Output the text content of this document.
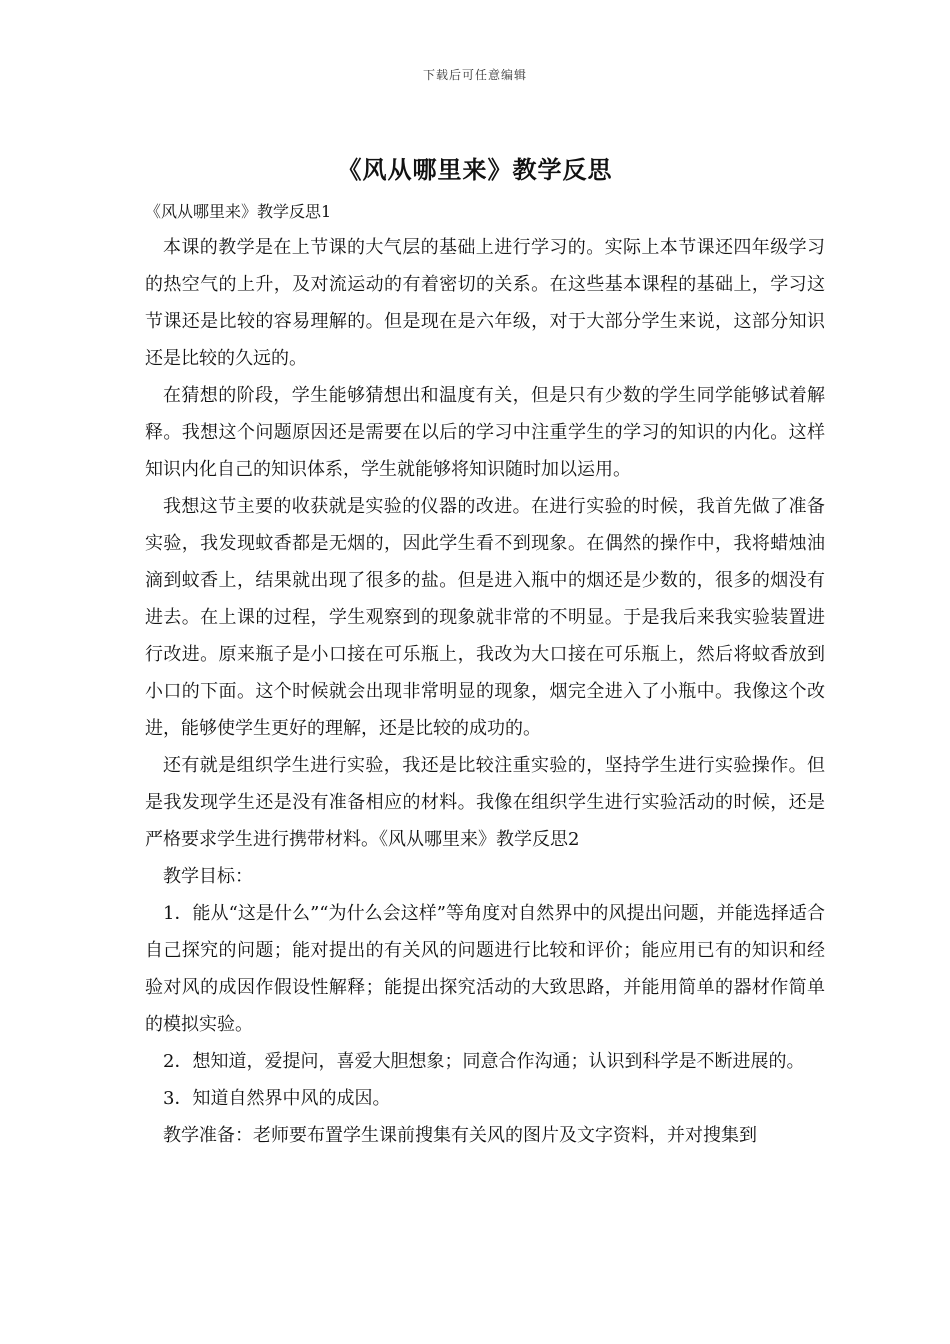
下载后可任意编辑
《风从哪里来》教学反思

《风从哪里来》教学反思1

本课的教学是在上节课的大气层的基础上进行学习的。实际上本节课还四年级学习的热空气的上升，及对流运动的有着密切的关系。在这些基本课程的基础上，学习这节课还是比较的容易理解的。但是现在是六年级，对于大部分学生来说，这部分知识还是比较的久远的。

在猜想的阶段，学生能够猜想出和温度有关，但是只有少数的学生同学能够试着解释。我想这个问题原因还是需要在以后的学习中注重学生的学习的知识的内化。这样知识内化自己的知识体系，学生就能够将知识随时加以运用。

我想这节主要的收获就是实验的仪器的改进。在进行实验的时候，我首先做了准备实验，我发现蚊香都是无烟的，因此学生看不到现象。在偶然的操作中，我将蜡烛油滴到蚊香上，结果就出现了很多的盐。但是进入瓶中的烟还是少数的，很多的烟没有进去。在上课的过程，学生观察到的现象就非常的不明显。于是我后来我实验装置进行改进。原来瓶子是小口接在可乐瓶上，我改为大口接在可乐瓶上，然后将蚊香放到小口的下面。这个时候就会出现非常明显的现象，烟完全进入了小瓶中。我像这个改进，能够使学生更好的理解，还是比较的成功的。

还有就是组织学生进行实验，我还是比较注重实验的，坚持学生进行实验操作。但是我发现学生还是没有准备相应的材料。我像在组织学生进行实验活动的时候，还是严格要求学生进行携带材料。《风从哪里来》教学反思2

教学目标：

1．能从“这是什么”“为什么会这样”等角度对自然界中的风提出问题，并能选择适合自己探究的问题；能对提出的有关风的问题进行比较和评价；能应用已有的知识和经验对风的成因作假设性解释；能提出探究活动的大致思路，并能用简单的器材作简单的模拟实验。

2．想知道，爱提问，喜爱大胆想象；同意合作沟通；认识到科学是不断进展的。

3．知道自然界中风的成因。

教学准备：老师要布置学生课前搜集有关风的图片及文字资料，并对搜集到
